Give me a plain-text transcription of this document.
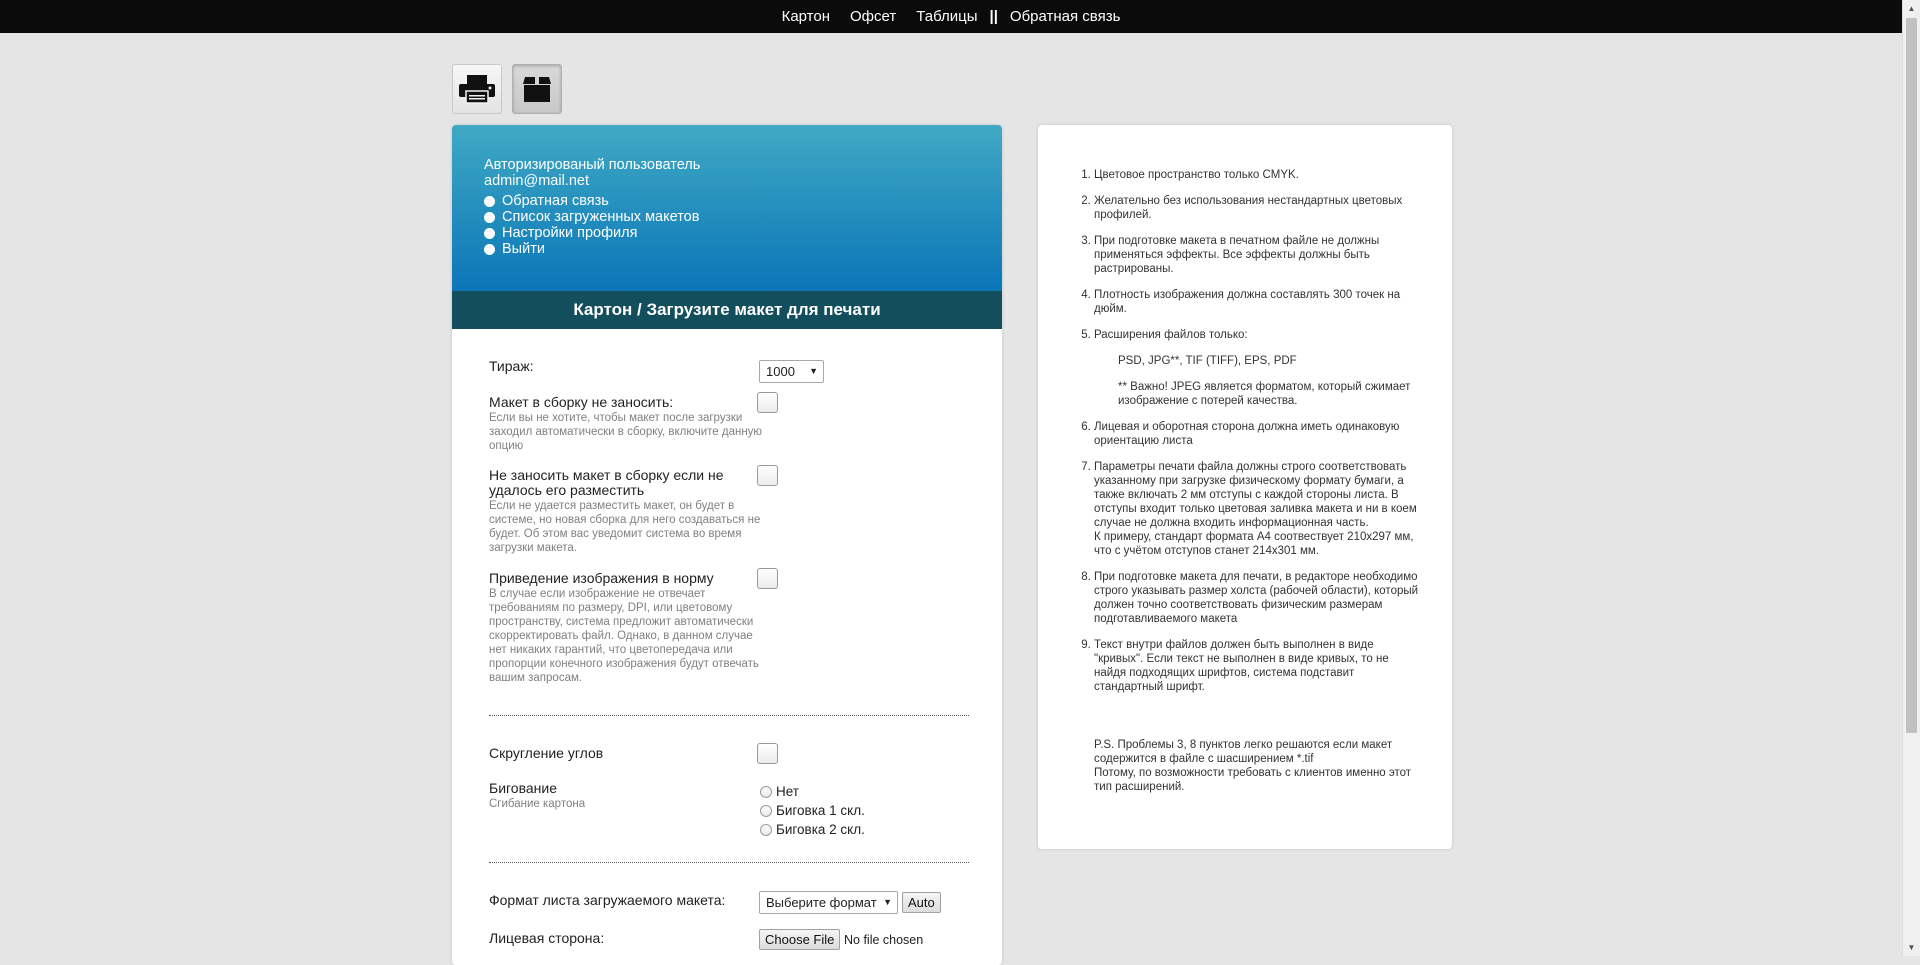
Картон Офсет Таблицы || Обратная связь	▲
▼
Авторизированый пользователь
admin@mail.net
Обратная связь
Список загруженных макетов
Настройки профиля
Выйти
Картон / Загрузите макет для печати
Тираж:	1000 ▼
Макет в сборку не заносить:
Если вы не хотите, чтобы макет после загрузки заходил автоматически в сборку, включите данную опцию
Не заносить макет в сборку если не удалось его разместить
Если не удается разместить макет, он будет в системе, но новая сборка для него создаваться не будет. Об этом вас уведомит система во время загрузки макета.
Приведение изображения в норму
В случае если изображение не отвечает требованиям по размеру, DPI, или цветовому пространству, система предложит автоматически скорректировать файл. Однако, в данном случае нет никаких гарантий, что цветопередача или пропорции конечного изображения будут отвечать вашим запросам.
Скругление углов
Бигование
Сгибание картона
Нет
Биговка 1 скл.
Биговка 2 скл.
Формат листа загружаемого макета:	Выберите формат ▼	Auto
Лицевая сторона:	Choose File No file chosen
1. Цветовое пространство только CMYK.
2. Желательно без использования нестандартных цветовых профилей.
3. При подготовке макета в печатном файле не должны применяться эффекты. Все эффекты должны быть растрированы.
4. Плотность изображения должна составлять 300 точек на дюйм.
5. Расширения файлов только:
PSD, JPG**, TIF (TIFF), EPS, PDF
** Важно! JPEG является форматом, который сжимает изображение с потерей качества.
6. Лицевая и оборотная сторона должна иметь одинаковую ориентацию листа
7. Параметры печати файла должны строго соответствовать указанному при загрузке физическому формату бумаги, а также включать 2 мм отступы с каждой стороны листа. В отступы входит только цветовая заливка макета и ни в коем случае не должна входить информационная часть.
К примеру, стандарт формата A4 соотвествует 210х297 мм, что с учётом отступов станет 214х301 мм.
8. При подготовке макета для печати, в редакторе необходимо строго указывать размер холста (рабочей области), который должен точно соответствовать физическим размерам подготавливаемого макета
9. Текст внутри файлов должен быть выполнен в виде "кривых". Если текст не выполнен в виде кривых, то не найдя подходящих шрифтов, система подставит стандартный шрифт.
P.S. Проблемы 3, 8 пунктов легко решаются если макет содержится в файле с шасширением *.tif
Потому, по возможности требовать с клиентов именно этот тип расширений.
